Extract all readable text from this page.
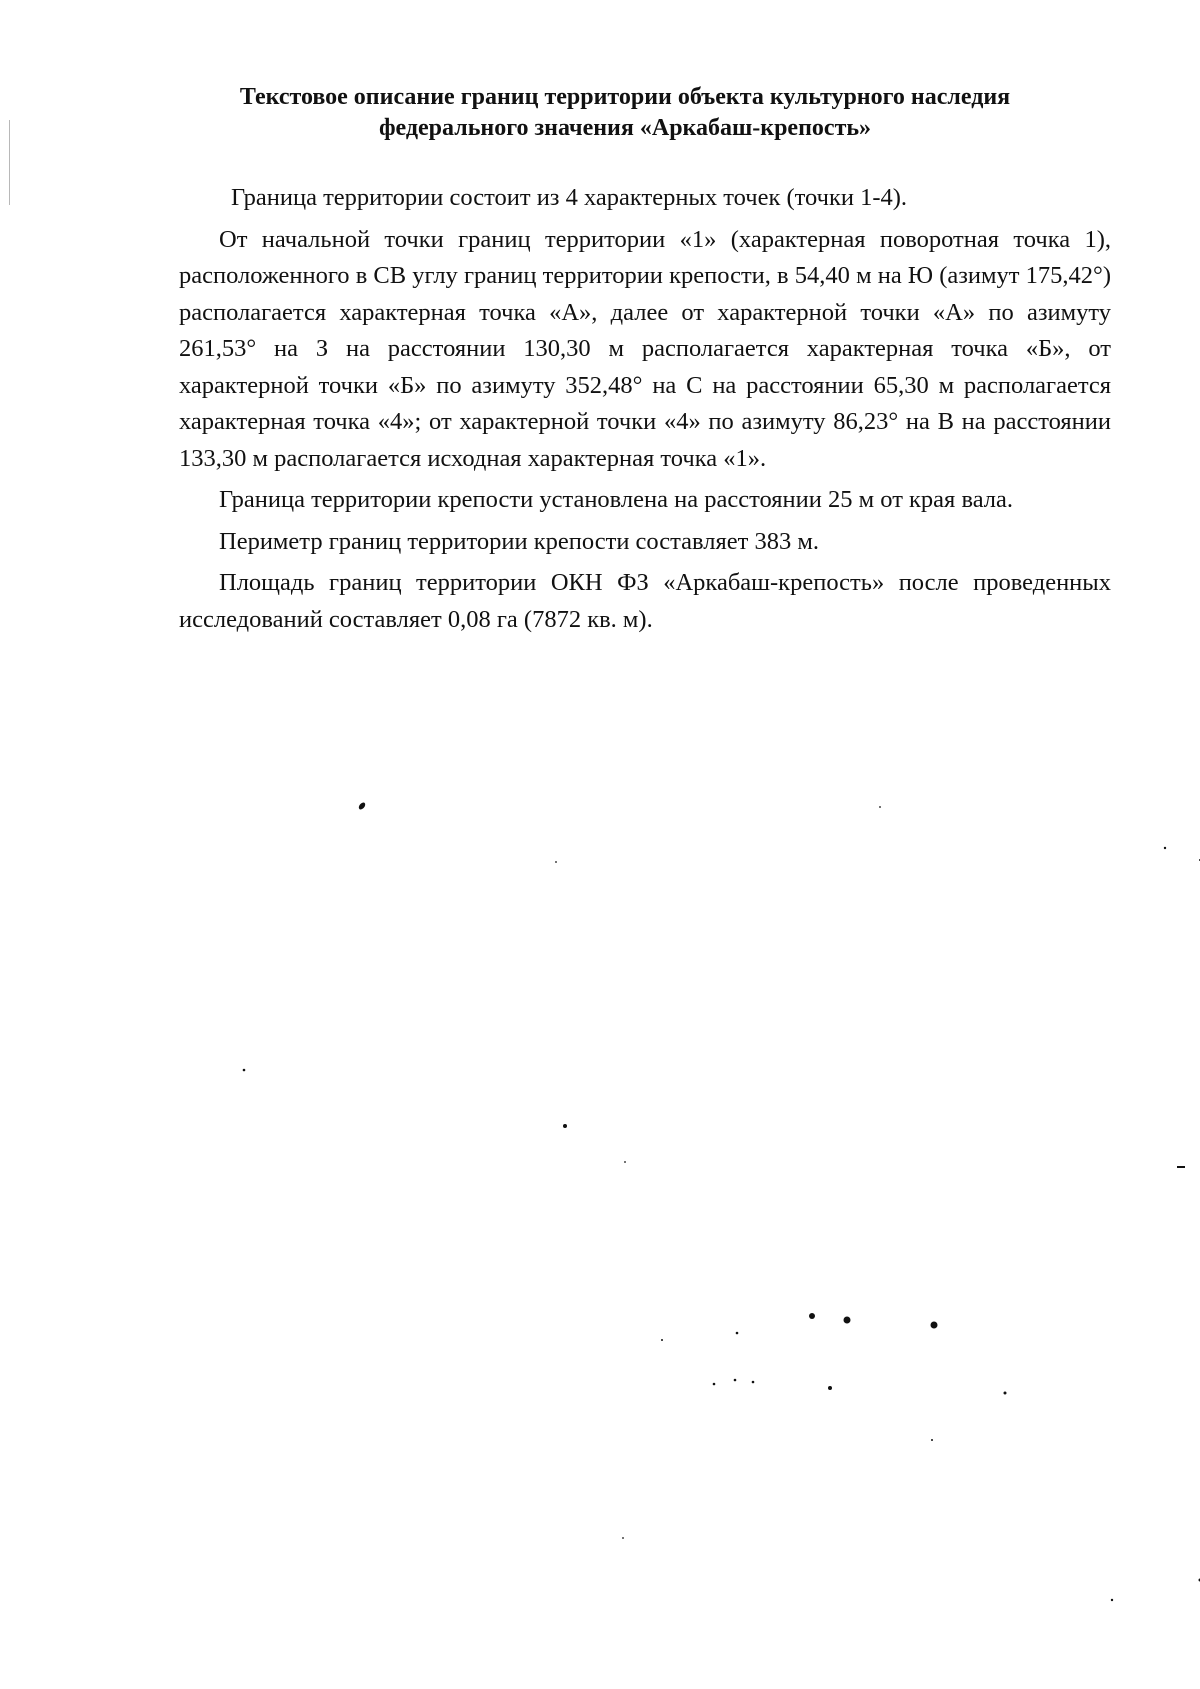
Текстовое описание границ территории объекта культурного наследия
федерального значения «Аркабаш-крепость»

Граница территории состоит из 4 характерных точек (точки 1-4).

От начальной точки границ территории «1» (характерная поворотная точка 1), расположенного в СВ углу границ территории крепости, в 54,40 м на Ю (азимут 175,42°) располагается характерная точка «А», далее от характерной точки «А» по азимуту 261,53° на З на расстоянии 130,30 м располагается характерная точка «Б», от характерной точки «Б» по азимуту 352,48° на С на расстоянии 65,30 м располагается характерная точка «4»; от характерной точки «4» по азимуту 86,23° на В на расстоянии 133,30 м располагается исходная характерная точка «1».

Граница территории крепости установлена на расстоянии 25 м от края вала.

Периметр границ территории крепости составляет 383 м.

Площадь границ территории ОКН ФЗ «Аркабаш-крепость» после проведенных исследований составляет 0,08 га (7872 кв. м).
